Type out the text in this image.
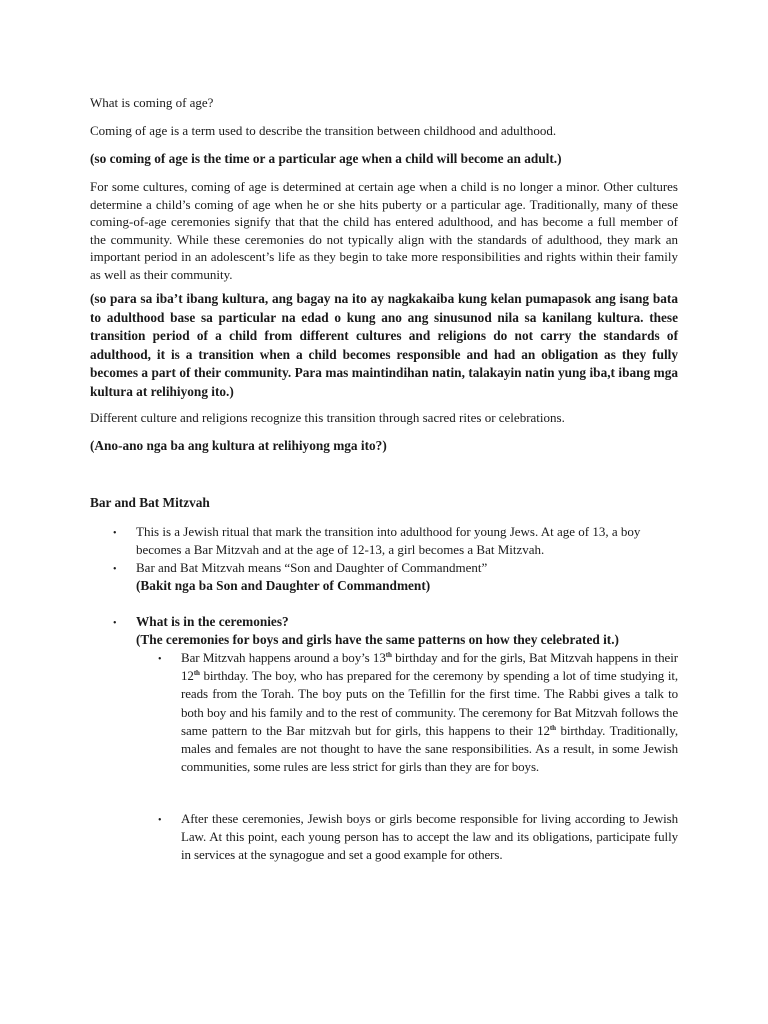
What is coming of age?

Coming of age is a term used to describe the transition between childhood and adulthood.

(so coming of age is the time or a particular age when a child will become an adult.)

For some cultures, coming of age is determined at certain age when a child is no longer a minor. Other cultures determine a child’s coming of age when he or she hits puberty or a particular age. Traditionally, many of these coming-of-age ceremonies signify that that the child has entered adulthood, and has become a full member of the community. While these ceremonies do not typically align with the standards of adulthood, they mark an important period in an adolescent’s life as they begin to take more responsibilities and rights within their family as well as their community.

(so para sa iba’t ibang kultura, ang bagay na ito ay nagkakaiba kung kelan pumapasok ang isang bata to adulthood base sa particular na edad o kung ano ang sinusunod nila sa kanilang kultura. these transition period of a child from different cultures and religions do not carry the standards of adulthood, it is a transition when a child becomes responsible and had an obligation as they fully becomes a part of their community. Para mas maintindihan natin, talakayin natin yung iba,t ibang mga kultura at relihiyong ito.)

Different culture and religions recognize this transition through sacred rites or celebrations.

(Ano-ano nga ba ang kultura at relihiyong mga ito?)

Bar and Bat Mitzvah

• This is a Jewish ritual that mark the transition into adulthood for young Jews. At age of 13, a boy becomes a Bar Mitzvah and at the age of 12-13, a girl becomes a Bat Mitzvah.

• Bar and Bat Mitzvah means “Son and Daughter of Commandment”

(Bakit nga ba Son and Daughter of Commandment)

• What is in the ceremonies?

(The ceremonies for boys and girls have the same patterns on how they celebrated it.)

• Bar Mitzvah happens around a boy’s 13th birthday and for the girls, Bat Mitzvah happens in their 12th birthday. The boy, who has prepared for the ceremony by spending a lot of time studying it, reads from the Torah. The boy puts on the Tefillin for the first time. The Rabbi gives a talk to both boy and his family and to the rest of community. The ceremony for Bat Mitzvah follows the same pattern to the Bar mitzvah but for girls, this happens to their 12th birthday. Traditionally, males and females are not thought to have the sane responsibilities. As a result, in some Jewish communities, some rules are less strict for girls than they are for boys.

• After these ceremonies, Jewish boys or girls become responsible for living according to Jewish Law. At this point, each young person has to accept the law and its obligations, participate fully in services at the synagogue and set a good example for others.
